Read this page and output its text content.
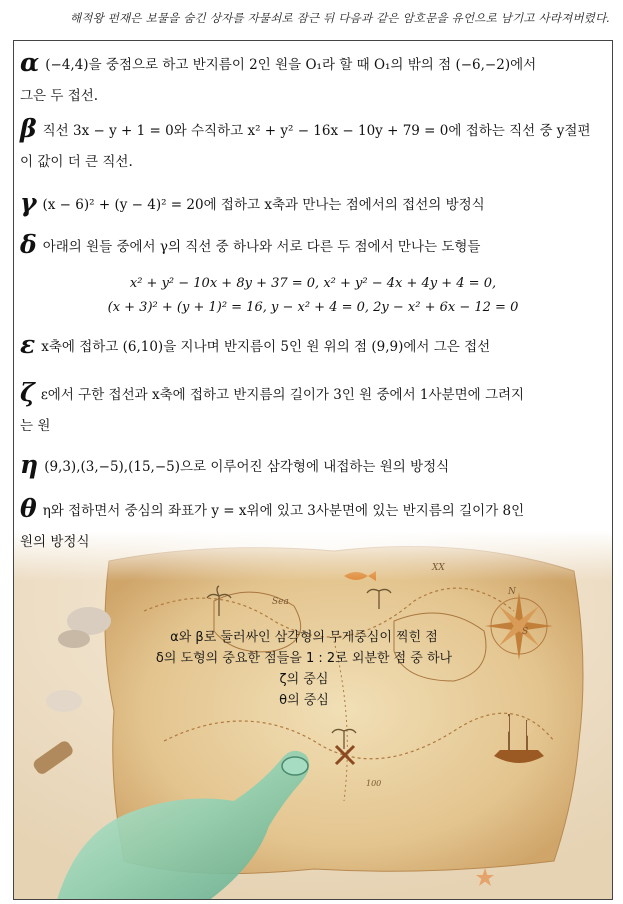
해적왕 펀재은 보물을 숨긴 상자를 자물쇠로 잠근 뒤 다음과 같은 암호문을 유언으로 남기고 사라져버렸다.
N
S
Sea
XX
100
α (−4,4)을 중점으로 하고 반지름이 2인 원을 O₁라 할 때 O₁의 밖의 점 (−6,−2)에서
그은 두 접선.
β직선 3x − y + 1 = 0와 수직하고 x² + y² − 16x − 10y + 79 = 0에 접하는 직선 중 y절편
이 값이 더 큰 직선.
γ (x − 6)² + (y − 4)² = 20에 접하고 x축과 만나는 점에서의 접선의 방정식
δ아래의 원들 중에서 γ의 직선 중 하나와 서로 다른 두 점에서 만나는 도형들
x² + y² − 10x + 8y + 37 = 0, x² + y² − 4x + 4y + 4 = 0,
(x + 3)² + (y + 1)² = 16, y − x² + 4 = 0, 2y − x² + 6x − 12 = 0
εx축에 접하고 (6,10)을 지나며 반지름이 5인 원 위의 점 (9,9)에서 그은 접선
ζε에서 구한 접선과 x축에 접하고 반지름의 길이가 3인 원 중에서 1사분면에 그려지
는 원
η (9,3),(3,−5),(15,−5)으로 이루어진 삼각형에 내접하는 원의 방정식
θη와 접하면서 중심의 좌표가 y = x위에 있고 3사분면에 있는 반지름의 길이가 8인
원의 방정식
α와 β로 둘러싸인 삼각형의 무게중심이 찍힌 점
δ의 도형의 중요한 점들을 1 : 2로 외분한 점 중 하나
ζ의 중심
θ의 중심
